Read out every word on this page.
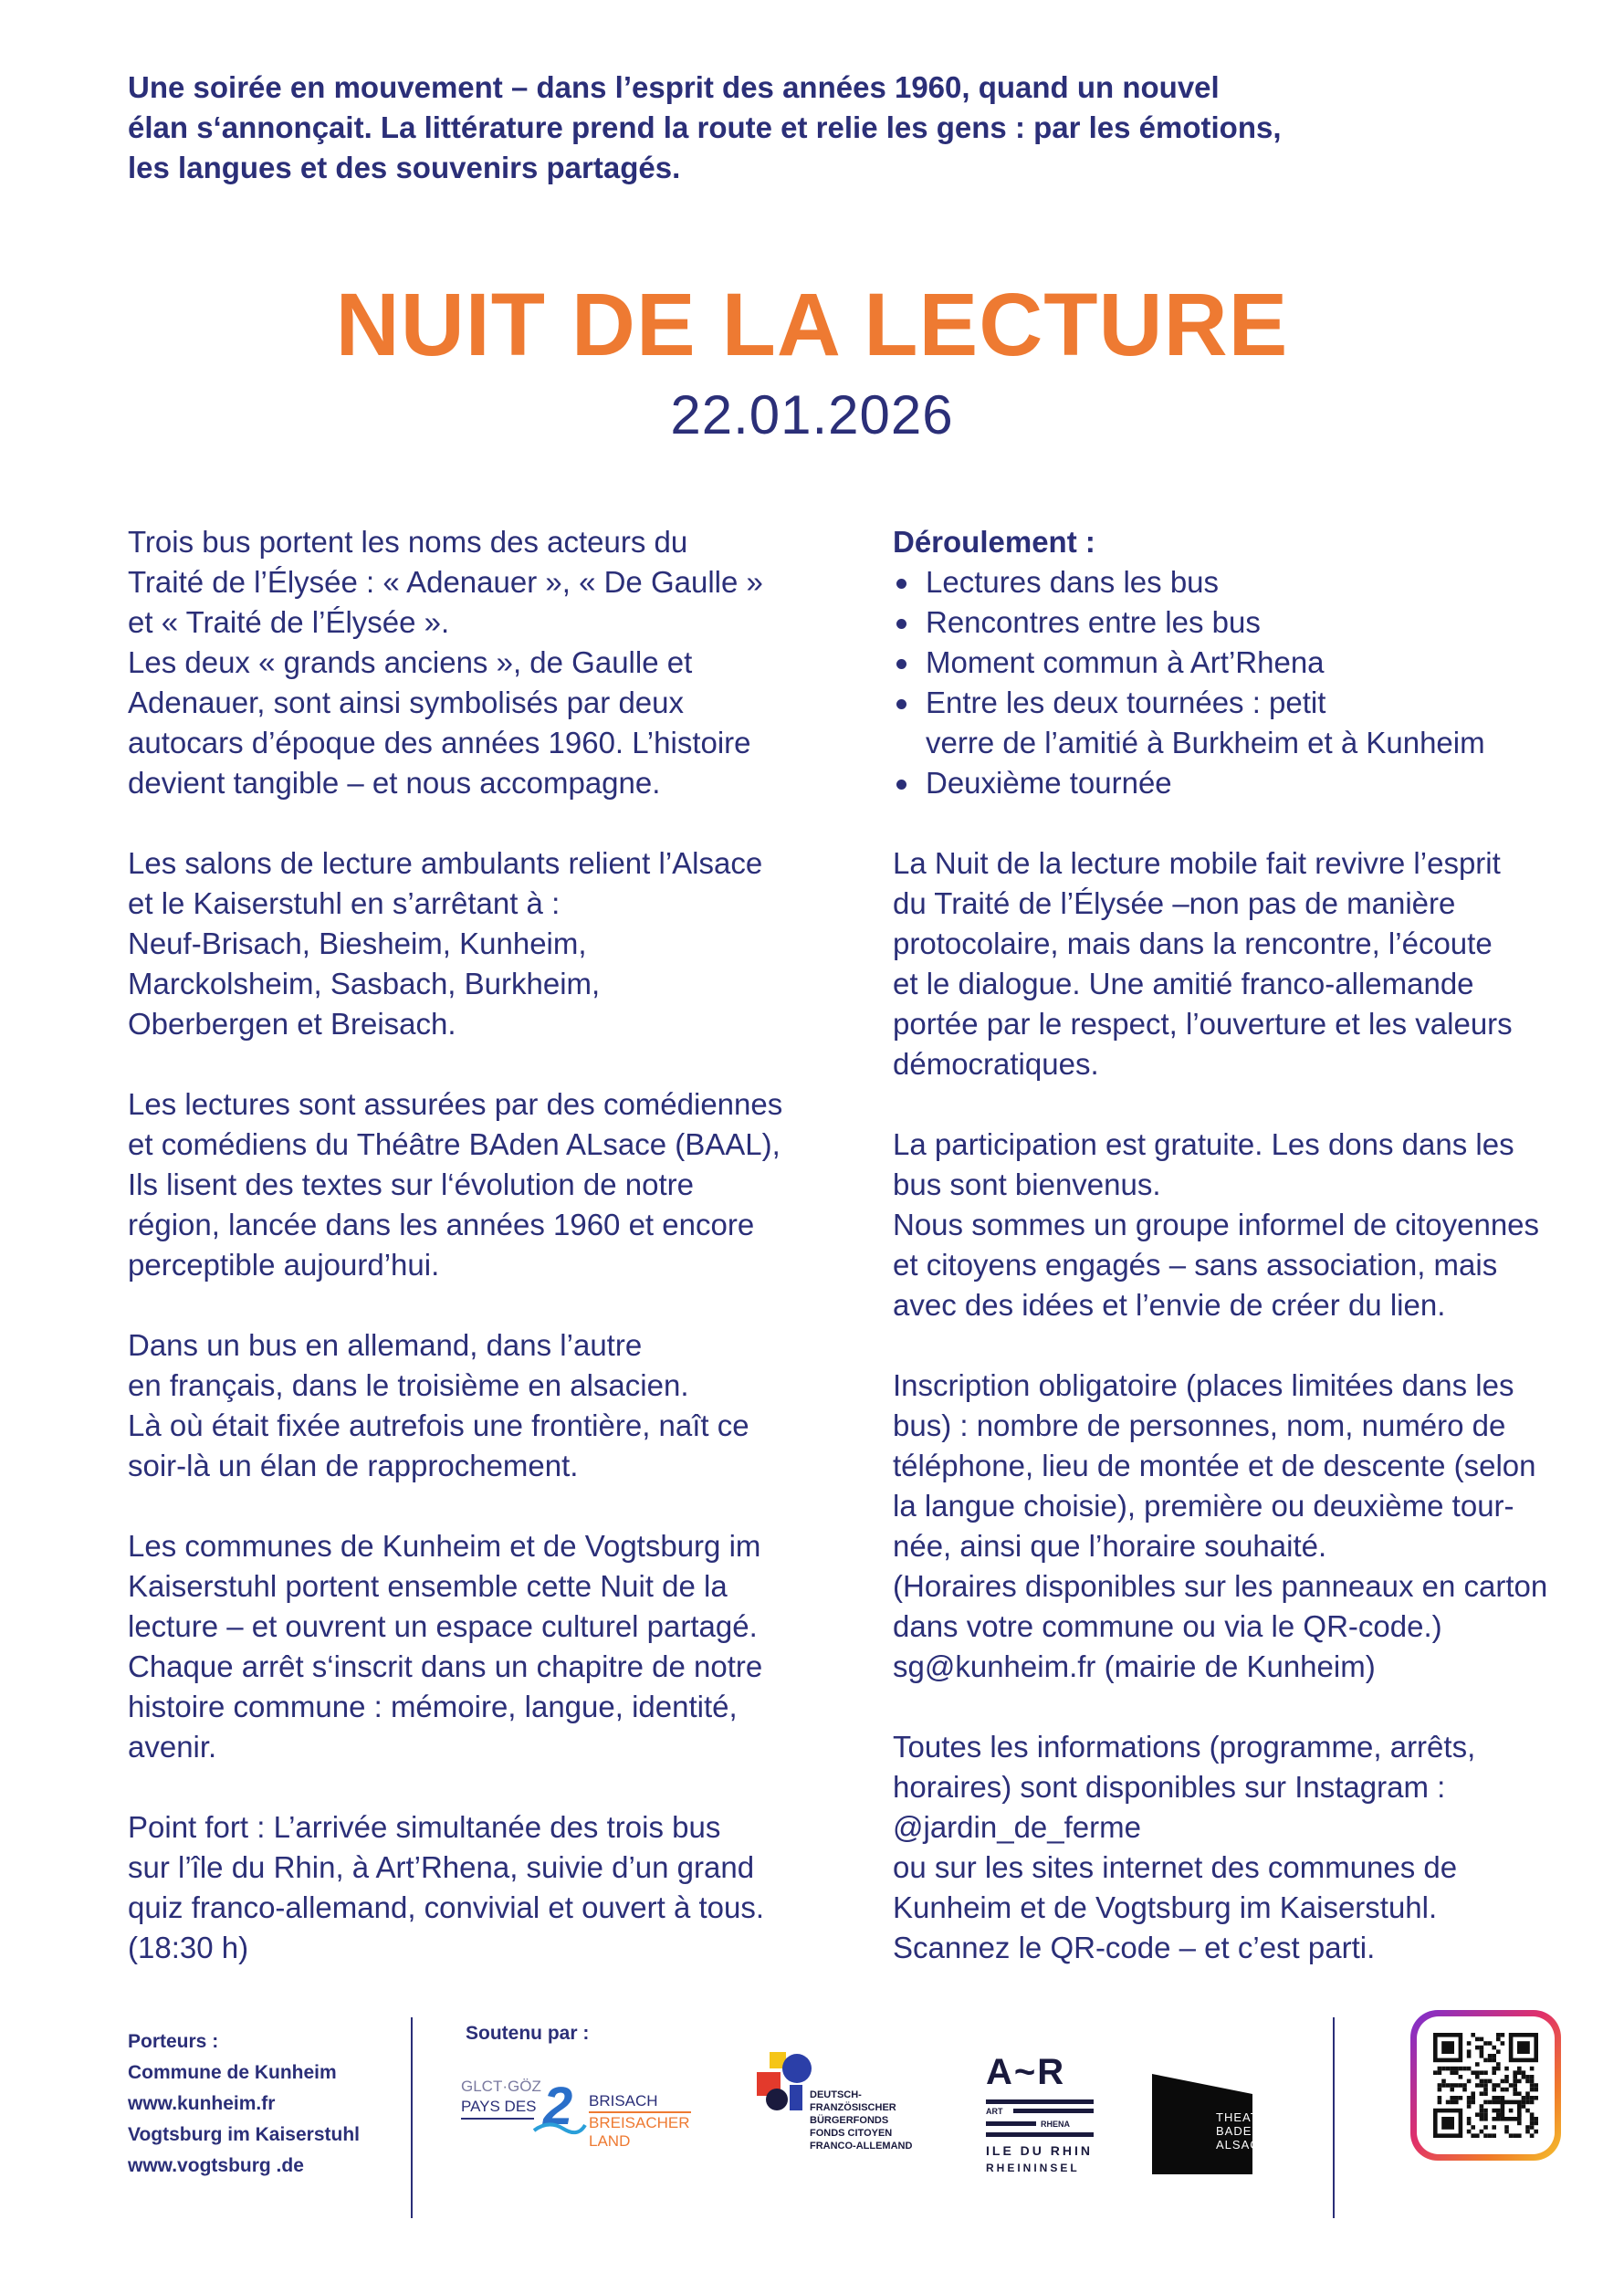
Une soirée en mouvement – dans l’esprit des années 1960, quand un nouvel
élan s‘annonçait. La littérature prend la route et relie les gens : par les émotions,
les langues et des souvenirs partagés.
NUIT DE LA LECTURE
22.01.2026
Trois bus portent les noms des acteurs du
Traité de l’Élysée : « Adenauer », « De Gaulle »
et « Traité de l’Élysée ».
Les deux « grands anciens », de Gaulle et
Adenauer, sont ainsi symbolisés par deux
autocars d’époque des années 1960. L’histoire
devient tangible – et nous accompagne.
Les salons de lecture ambulants relient l’Alsace
et le Kaiserstuhl en s’arrêtant à :
Neuf-Brisach, Biesheim, Kunheim,
Marckolsheim, Sasbach, Burkheim,
Oberbergen et Breisach.
Les lectures sont assurées par des comédiennes
et comédiens du Théâtre BAden ALsace (BAAL),
Ils lisent des textes sur l‘évolution de notre
région, lancée dans les années 1960 et encore
perceptible aujourd’hui.
Dans un bus en allemand, dans l’autre
en français, dans le troisième en alsacien.
Là où était fixée autrefois une frontière, naît ce
soir-là un élan de rapprochement.
Les communes de Kunheim et de Vogtsburg im
Kaiserstuhl portent ensemble cette Nuit de la
lecture – et ouvrent un espace culturel partagé.
Chaque arrêt s‘inscrit dans un chapitre de notre
histoire commune : mémoire, langue, identité,
avenir.
Point fort : L’arrivée simultanée des trois bus
sur l’île du Rhin, à Art’Rhena, suivie d’un grand
quiz franco-allemand, convivial et ouvert à tous.
(18:30 h)
Déroulement :
Lectures dans les bus
Rencontres entre les bus
Moment commun à Art’Rhena
Entre les deux tournées : petit
verre de l’amitié à Burkheim et à Kunheim
Deuxième tournée
La Nuit de la lecture mobile fait revivre l’esprit
du Traité de l’Élysée –non pas de manière
protocolaire, mais dans la rencontre, l’écoute
et le dialogue. Une amitié franco-allemande
portée par le respect, l’ouverture et les valeurs
démocratiques.
La participation est gratuite. Les dons dans les
bus sont bienvenus.
Nous sommes un groupe informel de citoyennes
et citoyens engagés – sans association, mais
avec des idées et l’envie de créer du lien.
Inscription obligatoire (places limitées dans les
bus) : nombre de personnes, nom, numéro de
téléphone, lieu de montée et de descente (selon
la langue choisie), première ou deuxième tour-
née, ainsi que l’horaire souhaité.
(Horaires disponibles sur les panneaux en carton
dans votre commune ou via le QR-code.)
sg@kunheim.fr (mairie de Kunheim)
Toutes les informations (programme, arrêts,
horaires) sont disponibles sur Instagram :
@jardin_de_ferme
ou sur les sites internet des communes de
Kunheim et de Vogtsburg im Kaiserstuhl.
Scannez le QR-code – et c’est parti.
Porteurs :
Commune de Kunheim
www.kunheim.fr
Vogtsburg im Kaiserstuhl
www.vogtsburg .de
Soutenu par :
GLCT·GÖZ
PAYS DES 2 BRISACH
BREISACHER
LAND
DEUTSCH-
FRANZÖSISCHER
BÜRGERFONDS
FONDS CITOYEN
FRANCO-ALLEMAND
A~R
ART
RHENA
ILE DU RHIN
RHEININSEL
THEATER
BADEN
ALSACE
